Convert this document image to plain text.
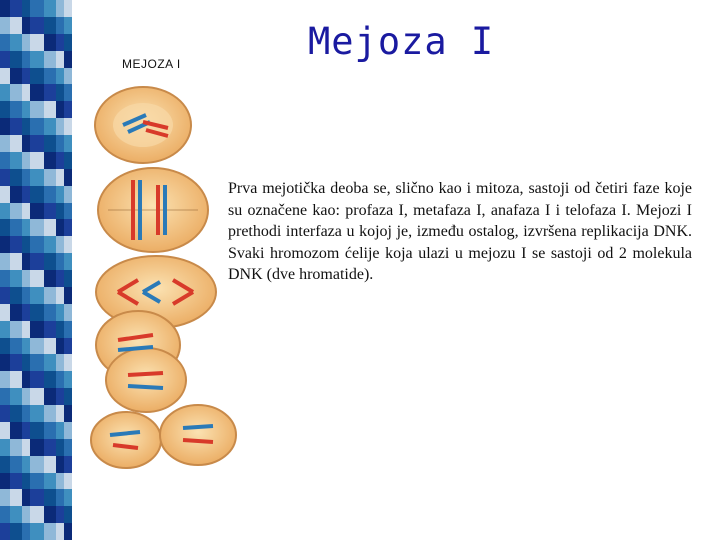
Mejoza I
MEJOZA I
Prva mejotička deoba se, slično kao i mitoza, sastoji od četiri faze koje su označene kao: profaza I, metafaza I, anafaza I i telofaza I. Mejozi I prethodi interfaza u kojoj je, između ostalog, izvršena replikacija DNK. Svaki hromozom ćelije koja ulazi u mejozu I se sastoji od 2 molekula DNK (dve hromatide).
